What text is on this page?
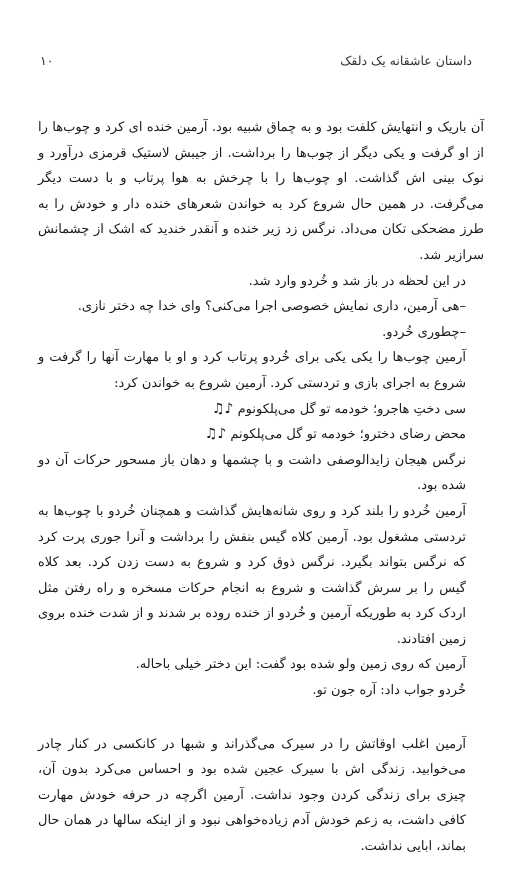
۱۰	داستان عاشقانه یک دلقک

آن باریک و انتهایش کلفت بود و به چماق شبیه بود. آرمین خنده ای کرد و چوب‌ها را از او گرفت و یکی دیگر از چوب‌ها را برداشت. از جیبش لاستیک قرمزی درآورد و نوک بینی اش گذاشت. او چوب‌ها را با چرخش به هوا پرتاب و با دست دیگر می‌گرفت. در همین حال شروع کرد به خواندن شعرهای خنده دار و خودش را به طرز مضحکی تکان می‌داد. نرگس زد زیر خنده و آنقدر خندید که اشک از چشمانش سرازیر شد.

در این لحظه در باز شد و خُردو وارد شد.

–هی آرمین، داری نمایش خصوصی اجرا می‌کنی؟ وای خدا چه دختر نازی.

–چطوری خُردو.

آرمین چوب‌ها را یکی یکی برای خُردو پرتاب کرد و او با مهارت آنها را گرفت و شروع به اجرای بازی و تردستی کرد. آرمین شروع به خواندن کرد:

سی دختِ هاجرو؛ خودمه تو گل می‌پلکونوم ♪♫

محض رضای دخترو؛ خودمه تو گل می‌پلکونم ♪♫

نرگس هیجان زایدالوصفی داشت و با چشمها و دهان باز مسحور حرکات آن دو شده بود.

آرمین خُردو را بلند کرد و روی شانه‌هایش گذاشت و همچنان خُردو با چوب‌ها به تردستی مشغول بود. آرمین کلاه گیس بنفش را برداشت و آنرا جوری پرت کرد که نرگس بتواند بگیرد. نرگس ذوق کرد و شروع به دست زدن کرد. بعد کلاه گیس را بر سرش گذاشت و شروع به انجام حرکات مسخره و راه رفتن مثل اردک کرد به طوریکه آرمین و خُردو از خنده روده بر شدند و از شدت خنده بروی زمین افتادند.

آرمین که روی زمین ولو شده بود گفت: این دختر خیلی باحاله.

خُردو جواب داد: آره جون تو.

آرمین اغلب اوقاتش را در سیرک می‌گذراند و شبها در کانکسی در کنار چادر می‌خوابید. زندگی اش با سیرک عجین شده بود و احساس می‌کرد بدون آن، چیزی برای زندگی کردن وجود نداشت. آرمین اگرچه در حرفه خودش مهارت کافی داشت، به زعم خودش آدم زیاده‌خواهی نبود و از اینکه سالها در همان حال بماند، ابایی نداشت.
